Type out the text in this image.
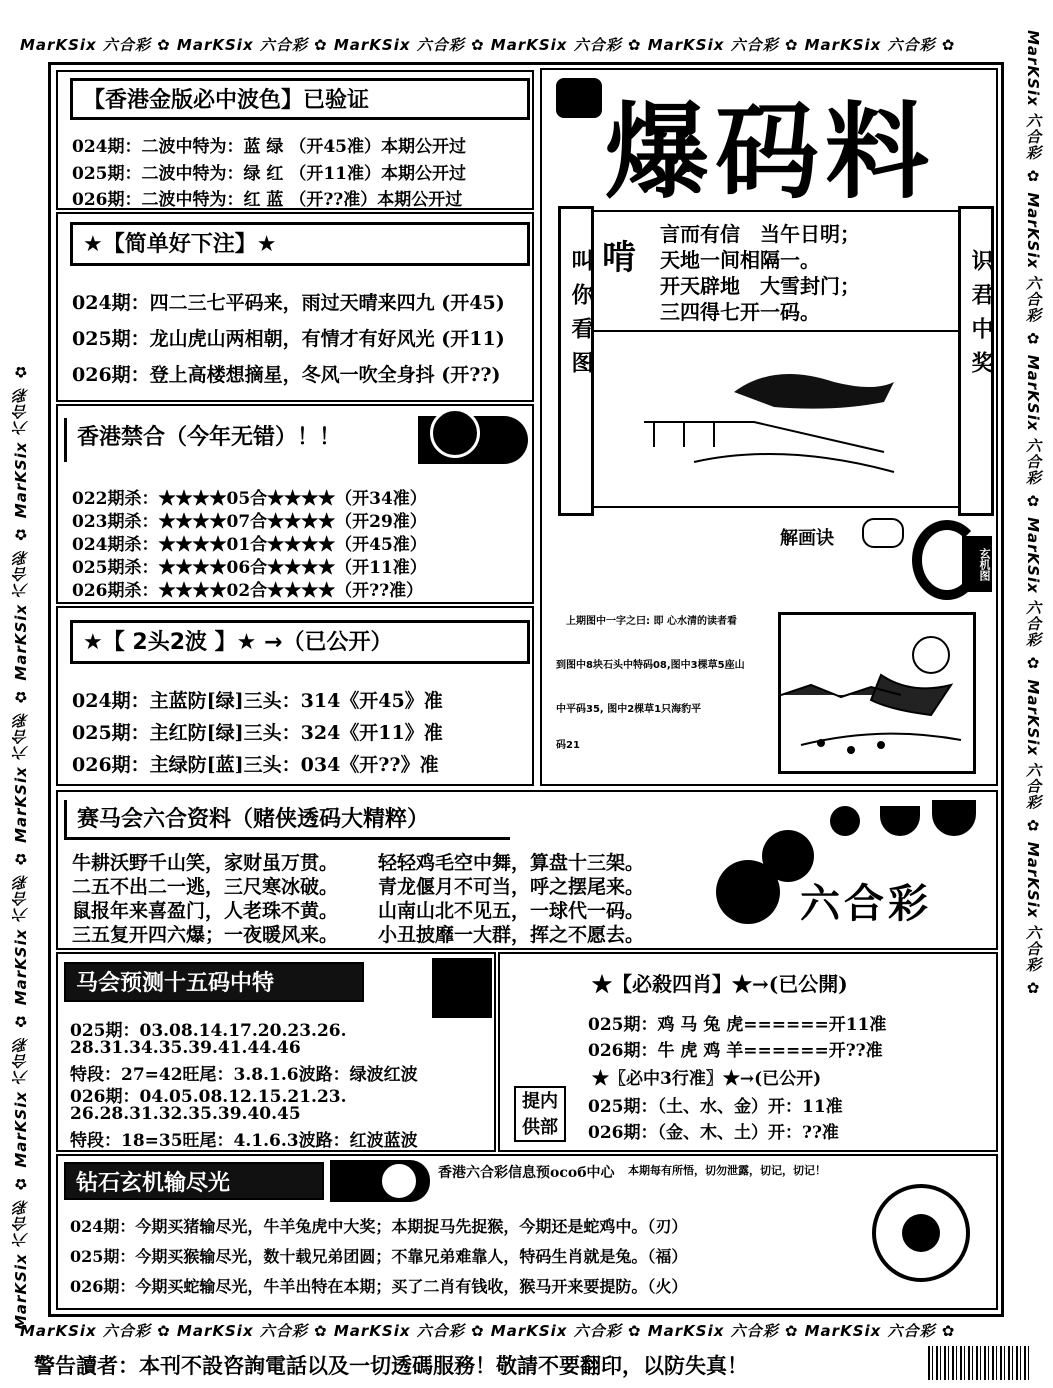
MarKSix 六合彩 ✿ MarKSix 六合彩 ✿ MarKSix 六合彩 ✿ MarKSix 六合彩 ✿ MarKSix 六合彩 ✿ MarKSix 六合彩 ✿
MarKSix 六合彩 ✿ MarKSix 六合彩 ✿ MarKSix 六合彩 ✿ MarKSix 六合彩 ✿ MarKSix 六合彩 ✿ MarKSix 六合彩 ✿
MarKSix 六合彩 ✿ MarKSix 六合彩 ✿ MarKSix 六合彩 ✿ MarKSix 六合彩 ✿ MarKSix 六合彩 ✿ MarKSix 六合彩 ✿	MarKSix 六合彩 ✿ MarKSix 六合彩 ✿ MarKSix 六合彩 ✿ MarKSix 六合彩 ✿ MarKSix 六合彩 ✿ MarKSix 六合彩 ✿
【香港金版必中波色】已验证
024期：二波中特为：蓝 绿 （开45准）本期公开过
025期：二波中特为：绿 红 （开11准）本期公开过
026期：二波中特为：红 蓝 （开??准）本期公开过
★【简单好下注】★
024期：四二三七平码来，雨过天晴来四九 (开45)
025期：龙山虎山两相朝，有情才有好风光 (开11)
026期：登上高楼想摘星，冬风一吹全身抖 (开??)
香港禁合（今年无错）！！
022期杀：★★★★05合★★★★（开34准）
023期杀：★★★★07合★★★★（开29准）
024期杀：★★★★01合★★★★（开45准）
025期杀：★★★★06合★★★★（开11准）
026期杀：★★★★02合★★★★（开??准）
★【 2头2波 】★ →（已公开）
024期：主蓝防[绿]三头：314《开45》准
025期：主红防[绿]三头：324《开11》准
026期：主绿防[蓝]三头：034《开??》准
爆码料
叫你看图	识君中奖
啃
言而有信　当午日明；
天地一间相隔一。
开天辟地　大雪封门；
三四得七开一码。
解画诀
玄机图
上期图中一字之曰: 即 心水清的读者看
到图中8块石头中特码08,图中3棵草5座山
中平码35, 图中2棵草1只海豹平
码21
赛马会六合资料（赌侠透码大精粹）
牛耕沃野千山笑，家财虽万贯。
二五不出二一逃，三尺寒冰破。
鼠报年来喜盈门，人老珠不黄。
三五复开四六爆；一夜暖风来。
轻轻鸡毛空中舞，算盘十三架。
青龙偃月不可当，呼之摆尾来。
山南山北不见五，一球代一码。
小丑披靡一大群，挥之不愿去。
六合彩
马会预测十五码中特
025期：03.08.14.17.20.23.26.
28.31.34.35.39.41.44.46
特段：27=42旺尾：3.8.1.6波路：绿波红波
026期：04.05.08.12.15.21.23.
26.28.31.32.35.39.40.45
特段：18=35旺尾：4.1.6.3波路：红波蓝波
★【必殺四肖】★→(已公開)
025期：鸡 马 兔 虎======开11准
026期：牛 虎 鸡 羊======开??准
★〖必中3行准〗★→(已公开)
025期：（土、水、金）开：11准
026期：（金、木、土）开：??准
提内供部
钻石玄机输尽光	香港六合彩信息预особ中心 本期每有所悟，切勿泄露，切记，切记！
024期：今期买猪输尽光，牛羊兔虎中大奖；本期捉马先捉猴，今期还是蛇鸡中。（刃）
025期：今期买猴输尽光，数十载兄弟团圆；不靠兄弟难靠人，特码生肖就是兔。（福）
026期：今期买蛇输尽光，牛羊出特在本期；买了二肖有钱收，猴马开来要提防。（火）
警告讀者：本刊不設咨詢電話以及一切透碼服務！敬請不要翻印，以防失真！
